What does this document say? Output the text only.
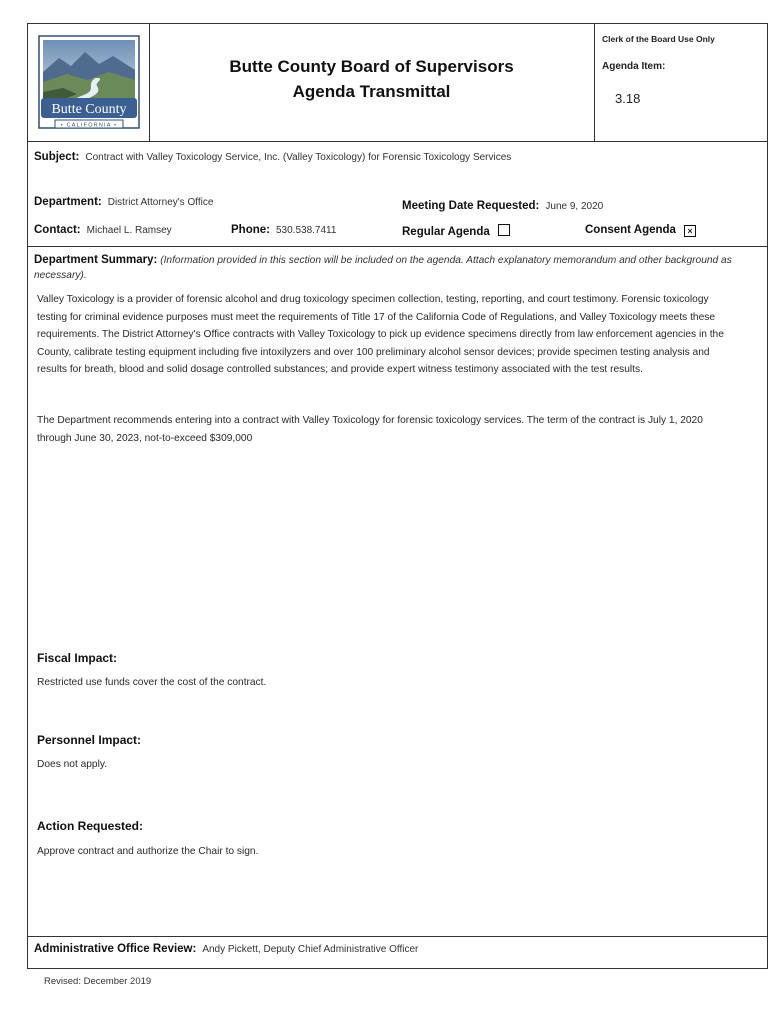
Butte County
• CALIFORNIA •
Butte County Board of Supervisors
Agenda Transmittal
Clerk of the Board Use Only
Agenda Item:
3.18
Subject: Contract with Valley Toxicology Service, Inc. (Valley Toxicology) for Forensic Toxicology Services
Department: District Attorney's Office	Meeting Date Requested: June 9, 2020
Contact: Michael L. Ramsey	Phone: 530.538.7411	Regular Agenda	Consent Agenda ×
Department Summary: (Information provided in this section will be included on the agenda. Attach explanatory memorandum and other background as necessary).
Valley Toxicology is a provider of forensic alcohol and drug toxicology specimen collection, testing, reporting, and court testimony. Forensic toxicology testing for criminal evidence purposes must meet the requirements of Title 17 of the California Code of Regulations, and Valley Toxicology meets these requirements. The District Attorney's Office contracts with Valley Toxicology to pick up evidence specimens directly from law enforcement agencies in the County, calibrate testing equipment including five intoxilyzers and over 100 preliminary alcohol sensor devices; provide specimen testing analysis and results for breath, blood and solid dosage controlled substances; and provide expert witness testimony associated with the test results.
The Department recommends entering into a contract with Valley Toxicology for forensic toxicology services. The term of the contract is July 1, 2020 through June 30, 2023, not-to-exceed $309,000
Fiscal Impact:
Restricted use funds cover the cost of the contract.
Personnel Impact:
Does not apply.
Action Requested:
Approve contract and authorize the Chair to sign.
Administrative Office Review: Andy Pickett, Deputy Chief Administrative Officer
Revised: December 2019
